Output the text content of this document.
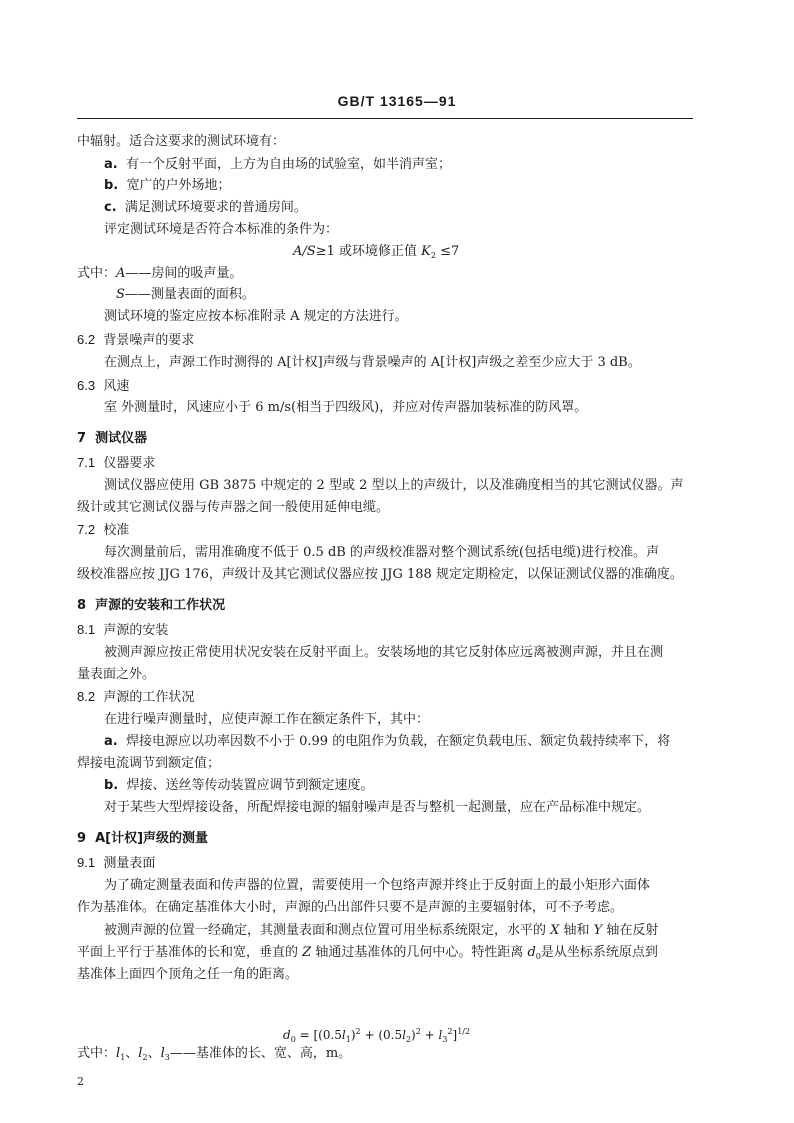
GB/T 13165—91
中辐射。适合这要求的测试环境有：
a. 有一个反射平面，上方为自由场的试验室，如半消声室；
b. 宽广的户外场地；
c. 满足测试环境要求的普通房间。
评定测试环境是否符合本标准的条件为：
A/S≥1 或环境修正值 $K_2 \le 7$
式中：A——房间的吸声量。
S——测量表面的面积。
测试环境的鉴定应按本标准附录 A 规定的方法进行。
6.2 背景噪声的要求
在测点上，声源工作时测得的 A[计权]声级与背景噪声的 A[计权]声级之差至少应大于 3 dB。
6.3 风速
室 外测量时，风速应小于 6 m/s(相当于四级风)，并应对传声器加装标准的防风罩。
7 测试仪器
7.1 仪器要求
测试仪器应使用 GB 3875 中规定的 2 型或 2 型以上的声级计，以及准确度相当的其它测试仪器。声
级计或其它测试仪器与传声器之间一般使用延伸电缆。
7.2 校准
每次测量前后，需用准确度不低于 0.5 dB 的声级校准器对整个测试系统(包括电缆)进行校准。声
级校准器应按 JJG 176，声级计及其它测试仪器应按 JJG 188 规定定期检定，以保证测试仪器的准确度。
8 声源的安装和工作状况
8.1 声源的安装
被测声源应按正常使用状况安装在反射平面上。安装场地的其它反射体应远离被测声源，并且在测
量表面之外。
8.2 声源的工作状况
在进行噪声测量时，应使声源工作在额定条件下，其中：
a. 焊接电源应以功率因数不小于 0.99 的电阻作为负载，在额定负载电压、额定负载持续率下，将
焊接电流调节到额定值；
b. 焊接、送丝等传动装置应调节到额定速度。
对于某些大型焊接设备，所配焊接电源的辐射噪声是否与整机一起测量，应在产品标准中规定。
9 A[计权]声级的测量
9.1 测量表面
为了确定测量表面和传声器的位置，需要使用一个包络声源并终止于反射面上的最小矩形六面体
作为基准体。在确定基准体大小时，声源的凸出部件只要不是声源的主要辐射体，可不予考虑。
被测声源的位置一经确定，其测量表面和测点位置可用坐标系统限定，水平的 X 轴和 Y 轴在反射
平面上平行于基准体的长和宽，垂直的 Z 轴通过基准体的几何中心。特性距离 $d_0$是从坐标系统原点到
基准体上面四个顶角之任一角的距离。
$d_0 = [(0.5l_1)^2 + (0.5l_2)^2 + l_3^2]^{1/2}$
式中：$l_1$、$l_2$、$l_3——$基准体的长、宽、高，m。
2
